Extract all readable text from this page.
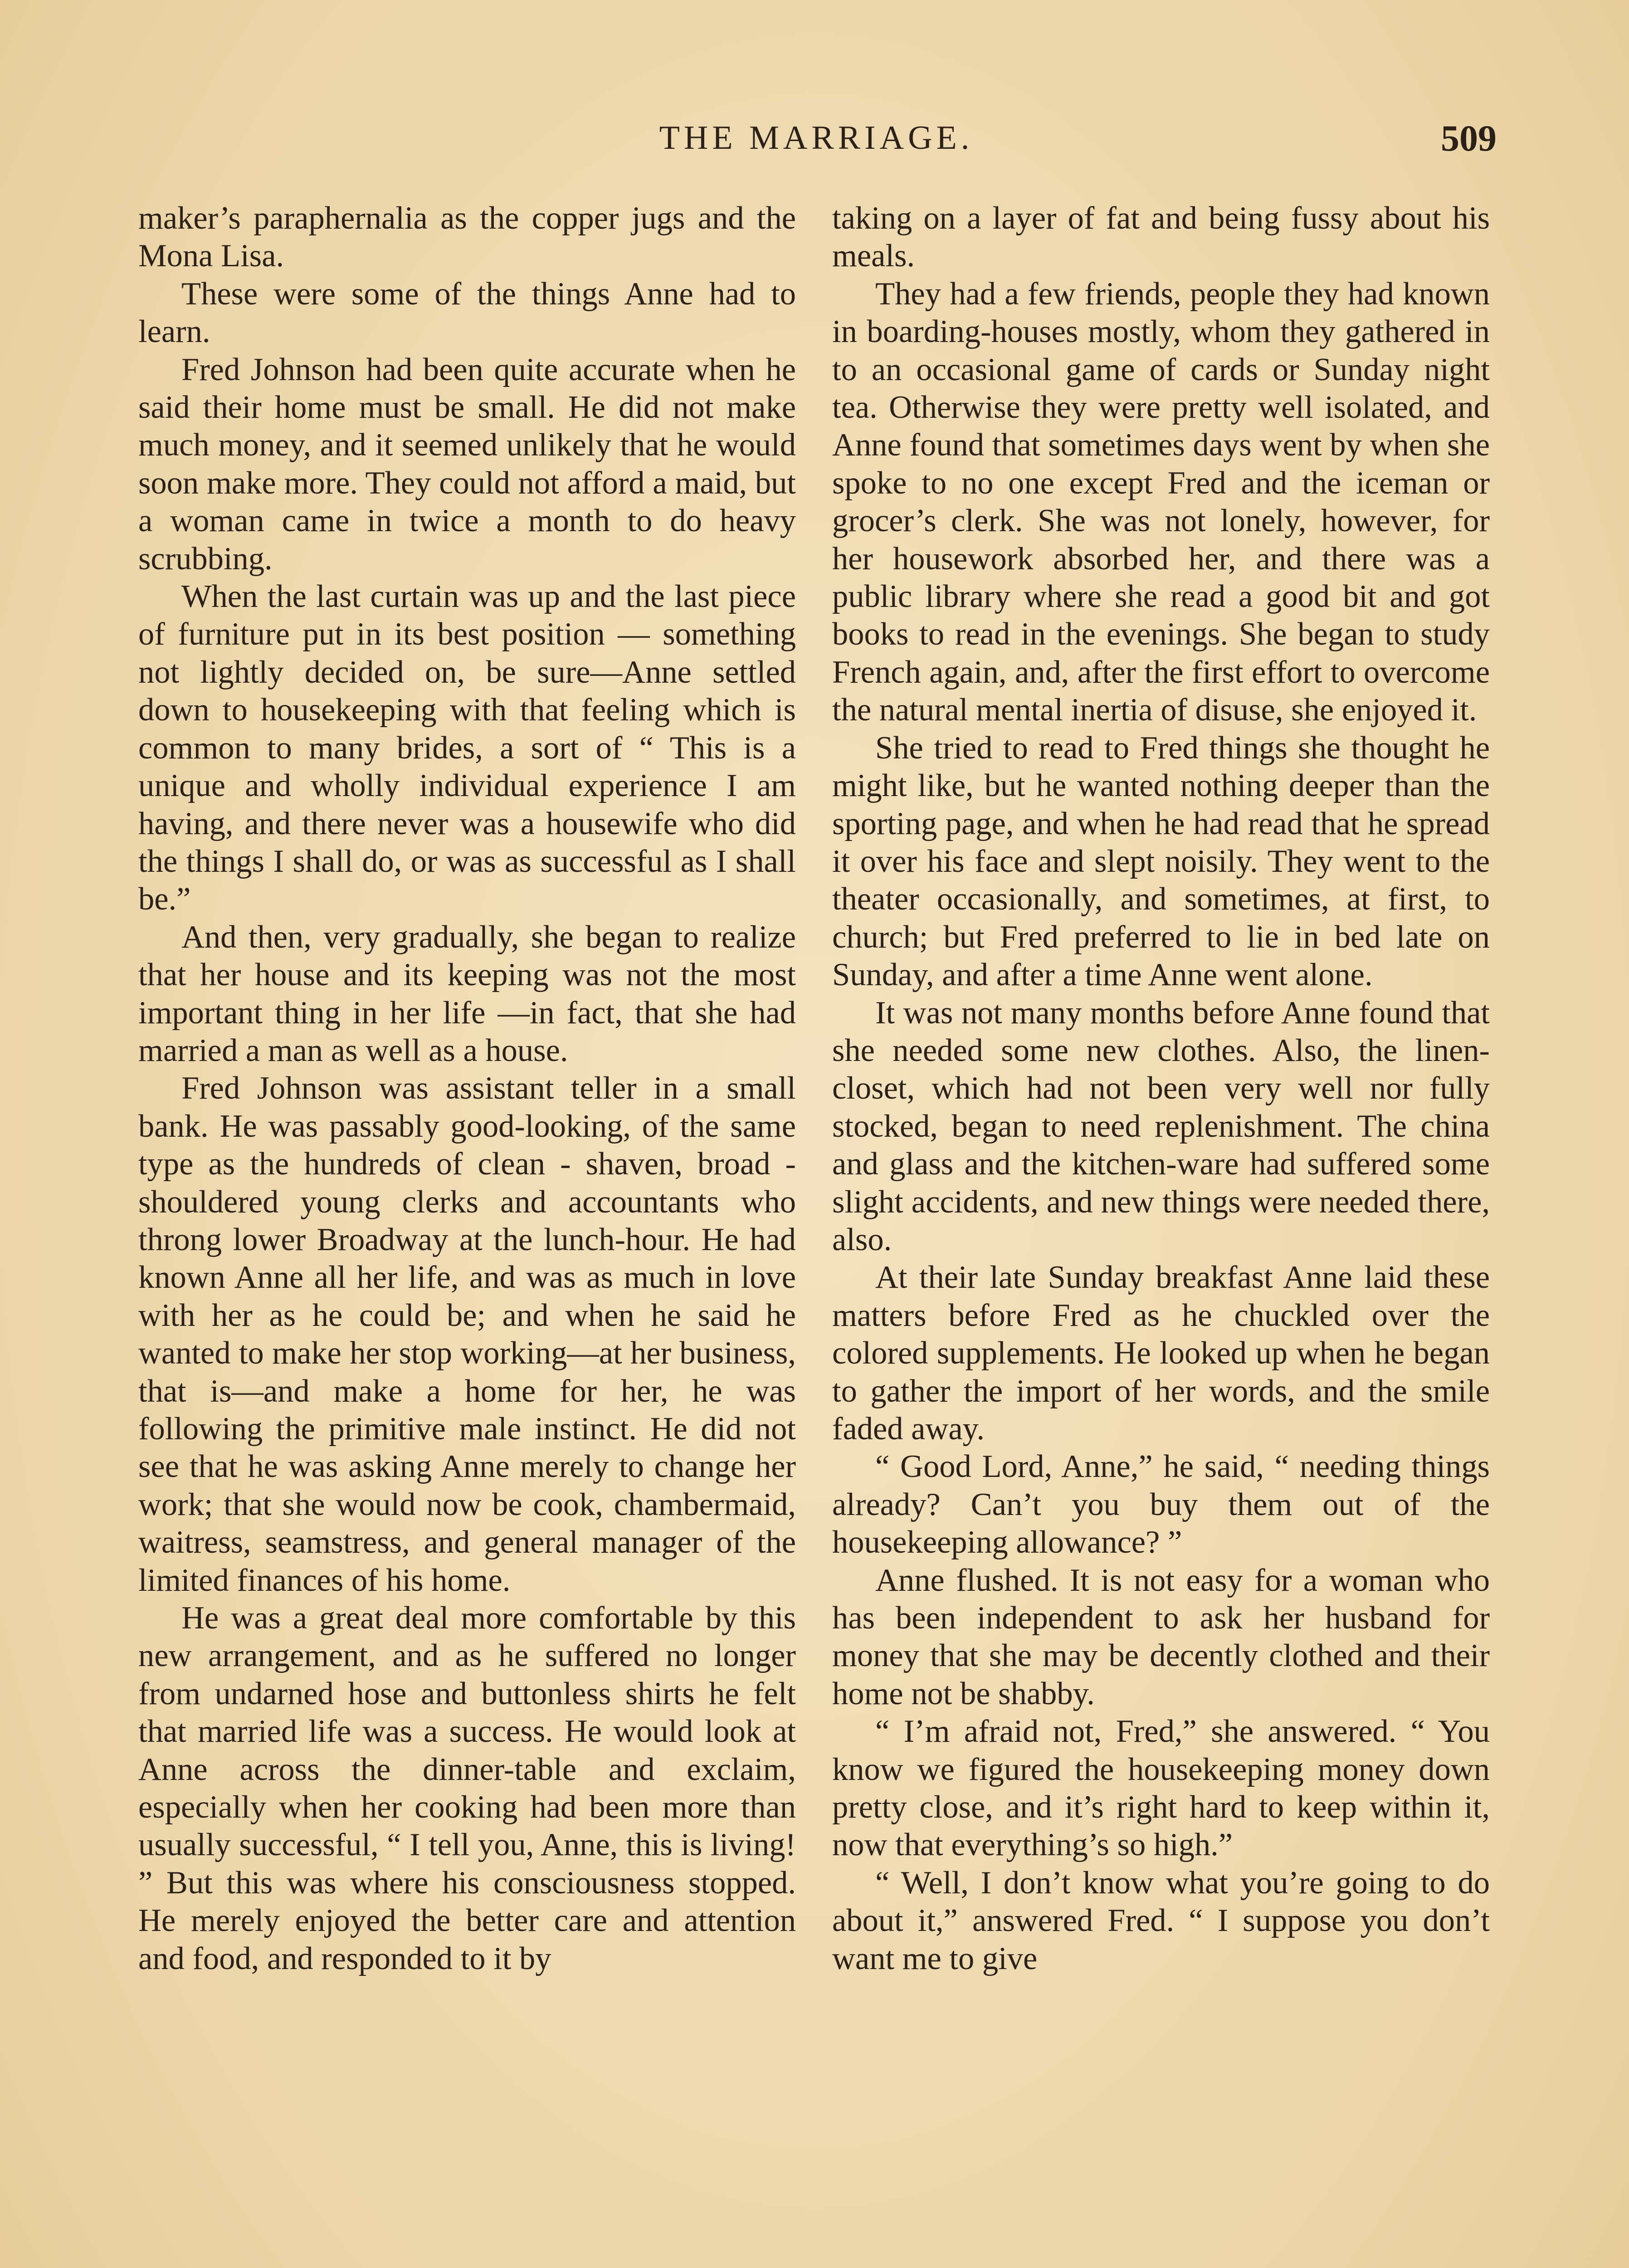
THE MARRIAGE.	509

maker’s paraphernalia as the copper jugs and the Mona Lisa.

These were some of the things Anne had to learn.

Fred Johnson had been quite accurate when he said their home must be small. He did not make much money, and it seemed unlikely that he would soon make more. They could not afford a maid, but a woman came in twice a month to do heavy scrubbing.

When the last curtain was up and the last piece of furniture put in its best position — something not lightly decided on, be sure—Anne settled down to housekeeping with that feeling which is common to many brides, a sort of “ This is a unique and wholly individual experience I am having, and there never was a housewife who did the things I shall do, or was as successful as I shall be.”

And then, very gradually, she began to realize that her house and its keeping was not the most important thing in her life —in fact, that she had married a man as well as a house.

Fred Johnson was assistant teller in a small bank. He was passably good-looking, of the same type as the hundreds of clean - shaven, broad - shouldered young clerks and accountants who throng lower Broadway at the lunch-hour. He had known Anne all her life, and was as much in love with her as he could be; and when he said he wanted to make her stop working—at her business, that is—and make a home for her, he was following the primitive male instinct. He did not see that he was asking Anne merely to change her work; that she would now be cook, chambermaid, waitress, seamstress, and general manager of the limited finances of his home.

He was a great deal more comfortable by this new arrangement, and as he suffered no longer from undarned hose and buttonless shirts he felt that married life was a success. He would look at Anne across the dinner-table and exclaim, especially when her cooking had been more than usually successful, “ I tell you, Anne, this is living! ” But this was where his consciousness stopped. He merely enjoyed the better care and attention and food, and responded to it by

taking on a layer of fat and being fussy about his meals.

They had a few friends, people they had known in boarding-houses mostly, whom they gathered in to an occasional game of cards or Sunday night tea. Otherwise they were pretty well isolated, and Anne found that sometimes days went by when she spoke to no one except Fred and the iceman or grocer’s clerk. She was not lonely, however, for her housework absorbed her, and there was a public library where she read a good bit and got books to read in the evenings. She began to study French again, and, after the first effort to overcome the natural mental inertia of disuse, she enjoyed it.

She tried to read to Fred things she thought he might like, but he wanted nothing deeper than the sporting page, and when he had read that he spread it over his face and slept noisily. They went to the theater occasionally, and sometimes, at first, to church; but Fred preferred to lie in bed late on Sunday, and after a time Anne went alone.

It was not many months before Anne found that she needed some new clothes. Also, the linen-closet, which had not been very well nor fully stocked, began to need replenishment. The china and glass and the kitchen-ware had suffered some slight accidents, and new things were needed there, also.

At their late Sunday breakfast Anne laid these matters before Fred as he chuckled over the colored supplements. He looked up when he began to gather the import of her words, and the smile faded away.

“ Good Lord, Anne,” he said, “ needing things already? Can’t you buy them out of the housekeeping allowance? ”

Anne flushed. It is not easy for a woman who has been independent to ask her husband for money that she may be decently clothed and their home not be shabby.

“ I’m afraid not, Fred,” she answered. “ You know we figured the housekeeping money down pretty close, and it’s right hard to keep within it, now that everything’s so high.”

“ Well, I don’t know what you’re going to do about it,” answered Fred. “ I suppose you don’t want me to give
